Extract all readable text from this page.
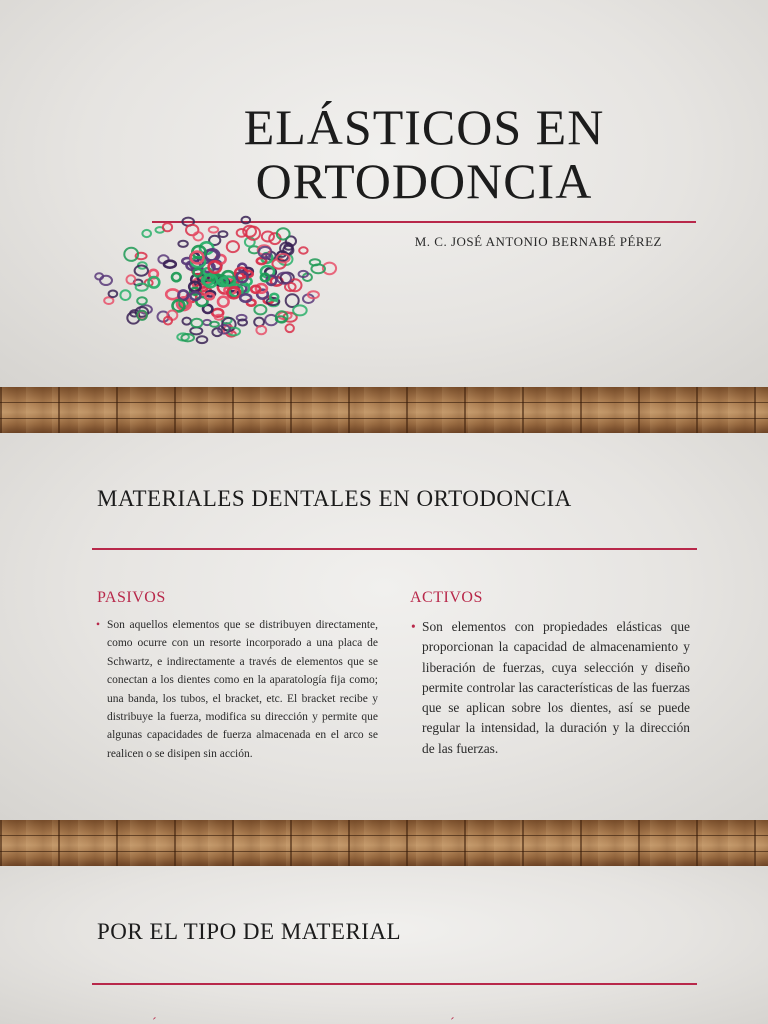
ELÁSTICOS EN
ORTODONCIA
M. C. JOSÉ ANTONIO BERNABÉ PÉREZ
MATERIALES DENTALES EN ORTODONCIA
PASIVOS
• Son aquellos elementos que se distribuyen directamente, como ocurre con un resorte incorporado a una placa de Schwartz, e indirectamente a través de elementos que se conectan a los dientes como en la aparatología fija como; una banda, los tubos, el bracket, etc. El bracket recibe y distribuye la fuerza, modifica su dirección y permite que algunas capacidades de fuerza almacenada en el arco se realicen o se disipen sin acción.
ACTIVOS
• Son elementos con propiedades elásticas que proporcionan la capacidad de almacenamiento y liberación de fuerzas, cuya selección y diseño permite controlar las características de las fuerzas que se aplican sobre los dientes, así se puede regular la intensidad, la duración y la dirección de las fuerzas.
POR EL TIPO DE MATERIAL
´	´
